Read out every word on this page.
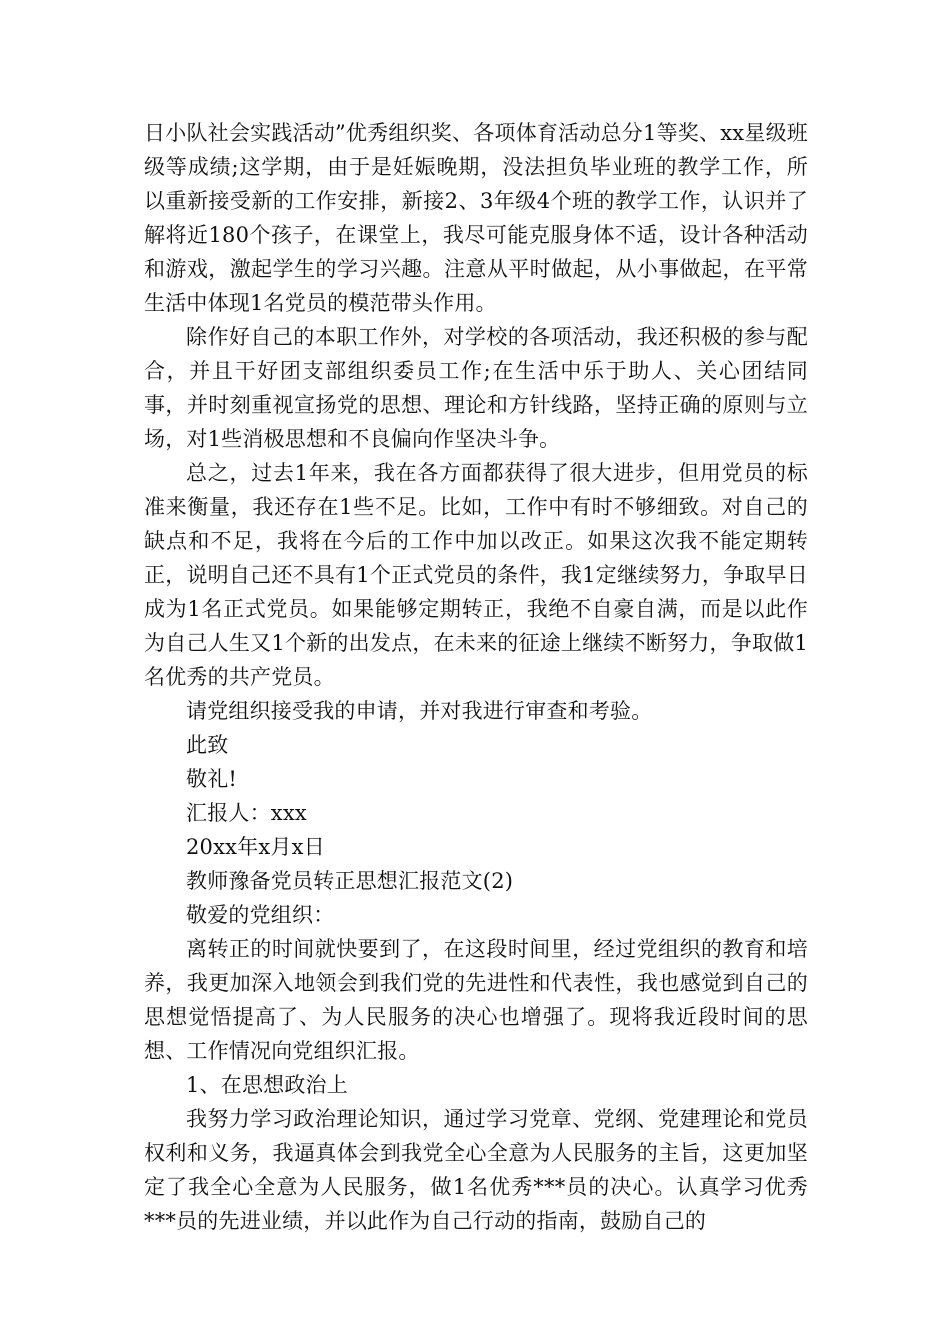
日小队社会实践活动”优秀组织奖、各项体育活动总分1等奖、xx星级班级等成绩;这学期，由于是妊娠晚期，没法担负毕业班的教学工作，所以重新接受新的工作安排，新接2、3年级4个班的教学工作，认识并了解将近180个孩子，在课堂上，我尽可能克服身体不适，设计各种活动和游戏，激起学生的学习兴趣。注意从平时做起，从小事做起，在平常生活中体现1名党员的模范带头作用。

除作好自己的本职工作外，对学校的各项活动，我还积极的参与配合，并且干好团支部组织委员工作;在生活中乐于助人、关心团结同事，并时刻重视宣扬党的思想、理论和方针线路，坚持正确的原则与立场，对1些消极思想和不良偏向作坚决斗争。

总之，过去1年来，我在各方面都获得了很大进步，但用党员的标准来衡量，我还存在1些不足。比如，工作中有时不够细致。对自己的缺点和不足，我将在今后的工作中加以改正。如果这次我不能定期转正，说明自己还不具有1个正式党员的条件，我1定继续努力，争取早日成为1名正式党员。如果能够定期转正，我绝不自豪自满，而是以此作为自己人生又1个新的出发点，在未来的征途上继续不断努力，争取做1名优秀的共产党员。

请党组织接受我的申请，并对我进行审查和考验。

此致

敬礼!

汇报人：xxx

20xx年x月x日

教师豫备党员转正思想汇报范文(2)

敬爱的党组织：

离转正的时间就快要到了，在这段时间里，经过党组织的教育和培养，我更加深入地领会到我们党的先进性和代表性，我也感觉到自己的思想觉悟提高了、为人民服务的决心也增强了。现将我近段时间的思想、工作情况向党组织汇报。

1、在思想政治上

我努力学习政治理论知识，通过学习党章、党纲、党建理论和党员权利和义务，我逼真体会到我党全心全意为人民服务的主旨，这更加坚定了我全心全意为人民服务，做1名优秀***员的决心。认真学习优秀***员的先进业绩，并以此作为自己行动的指南，鼓励自己的
